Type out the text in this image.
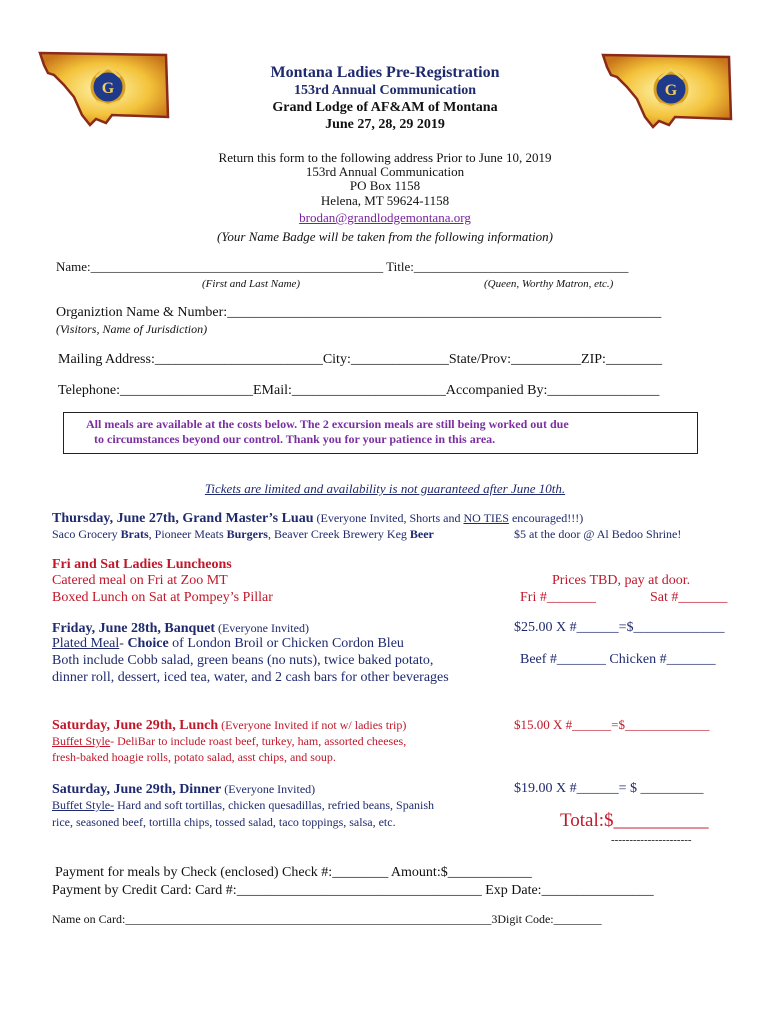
G	G
Montana Ladies Pre-Registration
153rd Annual Communication
Grand Lodge of AF&AM of Montana
June 27, 28, 29 2019
Return this form to the following address Prior to June 10, 2019
153rd Annual Communication
PO Box 1158
Helena, MT 59624-1158
brodan@grandlodgemontana.org
(Your Name Badge will be taken from the following information)
Name:_____________________________________________ Title:_________________________________
(First and Last Name)	(Queen, Worthy Matron, etc.)
Organiztion Name & Number:______________________________________________________________
(Visitors, Name of Jurisdiction)
Mailing Address:________________________City:______________State/Prov:__________ZIP:________
Telephone:___________________EMail:______________________Accompanied By:________________
All meals are available at the costs below. The 2 excursion meals are still being worked out due
to circumstances beyond our control. Thank you for your patience in this area.
Tickets are limited and availability is not guaranteed after June 10th.
Thursday, June 27th, Grand Master’s Luau (Everyone Invited, Shorts and NO TIES encouraged!!!)
Saco Grocery Brats, Pioneer Meats Burgers, Beaver Creek Brewery Keg Beer	$5 at the door @ Al Bedoo Shrine!
Fri and Sat Ladies Luncheons
Catered meal on Fri at Zoo MT
Boxed Lunch on Sat at Pompey’s Pillar
Prices TBD, pay at door.
Fri #_______	Sat #_______
Friday, June 28th, Banquet (Everyone Invited)
Plated Meal- Choice of London Broil or Chicken Cordon Bleu
Both include Cobb salad, green beans (no nuts), twice baked potato,
dinner roll, dessert, iced tea, water, and 2 cash bars for other beverages
$25.00 X #______=$_____________
Beef #_______ Chicken #_______
Saturday, June 29th, Lunch (Everyone Invited if not w/ ladies trip)
Buffet Style- DeliBar to include roast beef, turkey, ham, assorted cheeses,
fresh-baked hoagie rolls, potato salad, asst chips, and soup.
$15.00 X #______=$_____________
Saturday, June 29th, Dinner (Everyone Invited)
Buffet Style- Hard and soft tortillas, chicken quesadillas, refried beans, Spanish
rice, seasoned beef, tortilla chips, tossed salad, taco toppings, salsa, etc.
$19.00 X #______= $ _________
Total:$__________
----------------------
Payment for meals by Check (enclosed) Check #:________ Amount:$____________
Payment by Credit Card: Card #:___________________________________ Exp Date:________________
Name on Card:_____________________________________________________________3Digit Code:________
